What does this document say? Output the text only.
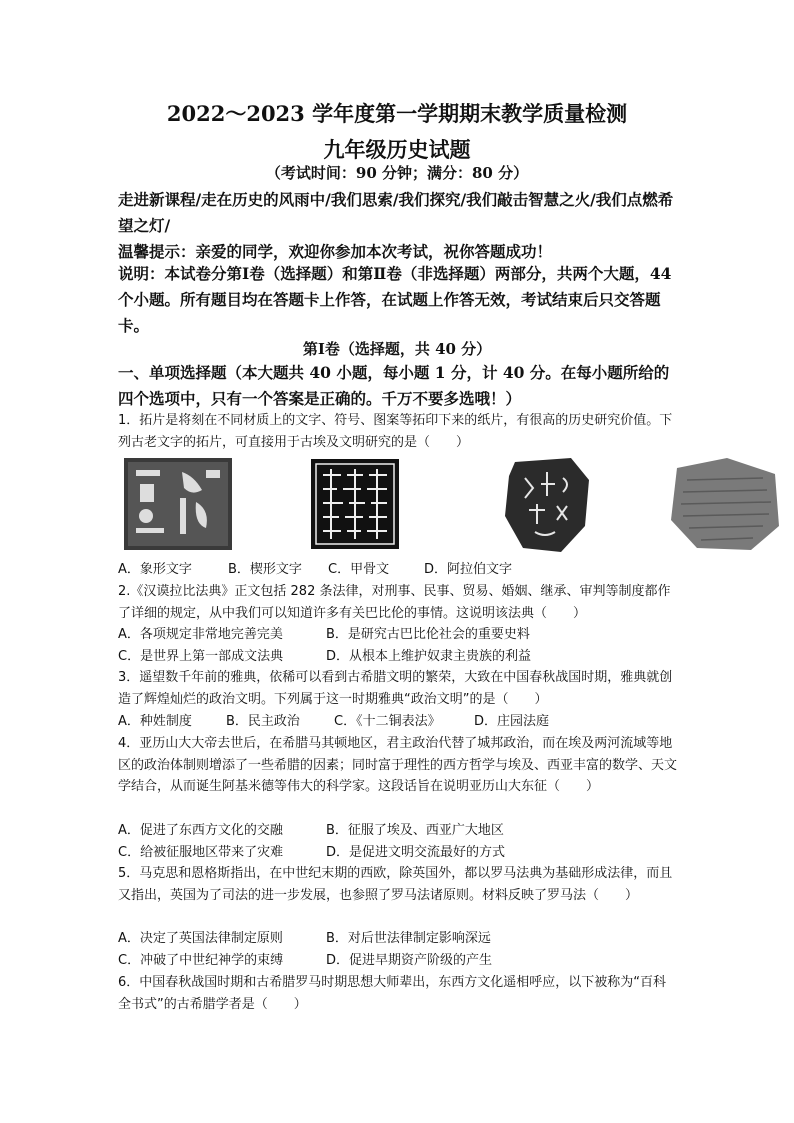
2022～2023 学年度第一学期期末教学质量检测
九年级历史试题
（考试时间：90 分钟；满分：80 分）
走进新课程/走在历史的风雨中/我们思索/我们探究/我们敲击智慧之火/我们点燃希望之灯/
温馨提示：亲爱的同学，欢迎你参加本次考试，祝你答题成功！
说明：本试卷分第Ⅰ卷（选择题）和第Ⅱ卷（非选择题）两部分，共两个大题，44 个小题。所有题目均在答题卡上作答，在试题上作答无效，考试结束后只交答题卡。
第Ⅰ卷（选择题，共 40 分）
一、单项选择题（本大题共 40 小题，每小题 1 分，计 40 分。在每小题所给的四个选项中，只有一个答案是正确的。千万不要多选哦！）
1．拓片是将刻在不同材质上的文字、符号、图案等拓印下来的纸片，有很高的历史研究价值。下列古老文字的拓片，可直接用于古埃及文明研究的是（　　）
A．象形文字	B．楔形文字 C．甲骨文	D．阿拉伯文字
2.《汉谟拉比法典》正文包括 282 条法律，对刑事、民事、贸易、婚姻、继承、审判等制度都作了详细的规定，从中我们可以知道许多有关巴比伦的事情。这说明该法典（　　）
A．各项规定非常地完善完美	B．是研究古巴比伦社会的重要史料
C．是世界上第一部成文法典	D．从根本上维护奴隶主贵族的利益
3．遥望数千年前的雅典，依稀可以看到古希腊文明的繁荣，大致在中国春秋战国时期，雅典就创造了辉煌灿烂的政治文明。下列属于这一时期雅典“政治文明”的是（　　）
A．种姓制度	B．民主政治	C．《十二铜表法》	D．庄园法庭
4．亚历山大大帝去世后，在希腊马其顿地区，君主政治代替了城邦政治，而在埃及两河流域等地区的政治体制则增添了一些希腊的因素；同时富于理性的西方哲学与埃及、西亚丰富的数学、天文学结合，从而诞生阿基米德等伟大的科学家。这段话旨在说明亚历山大东征（　　）
A．促进了东西方文化的交融	B．征服了埃及、西亚广大地区
C．给被征服地区带来了灾难	D．是促进文明交流最好的方式
5．马克思和恩格斯指出，在中世纪末期的西欧，除英国外，都以罗马法典为基础形成法律，而且又指出，英国为了司法的进一步发展，也参照了罗马法诸原则。材料反映了罗马法（　　）
A．决定了英国法律制定原则	B．对后世法律制定影响深远
C．冲破了中世纪神学的束缚	D．促进早期资产阶级的产生
6．中国春秋战国时期和古希腊罗马时期思想大师辈出，东西方文化遥相呼应，以下被称为“百科全书式”的古希腊学者是（　　）
